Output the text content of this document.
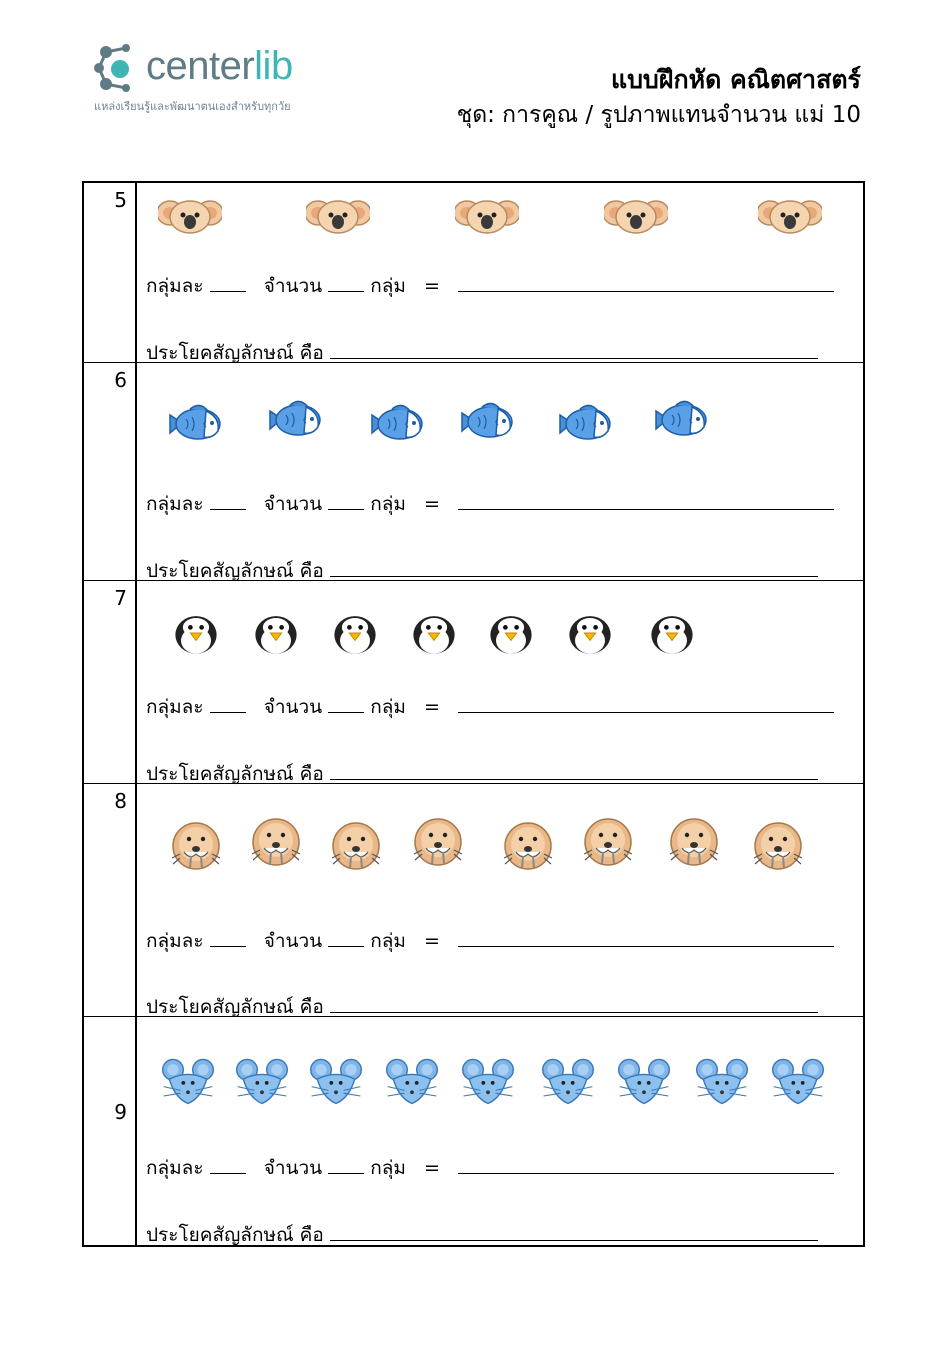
centerlib
แหล่งเรียนรู้และพัฒนาตนเองสำหรับทุกวัย
แบบฝึกหัด คณิตศาสตร์
ชุด: การคูณ / รูปภาพแทนจำนวน แม่ 10
5
กลุ่มละ	จำนวน	กลุ่ม =
ประโยคสัญลักษณ์ คือ
6
กลุ่มละ	จำนวน	กลุ่ม =
ประโยคสัญลักษณ์ คือ
7
กลุ่มละ	จำนวน	กลุ่ม =
ประโยคสัญลักษณ์ คือ
8
กลุ่มละ	จำนวน	กลุ่ม =
ประโยคสัญลักษณ์ คือ
9
กลุ่มละ	จำนวน	กลุ่ม =
ประโยคสัญลักษณ์ คือ
